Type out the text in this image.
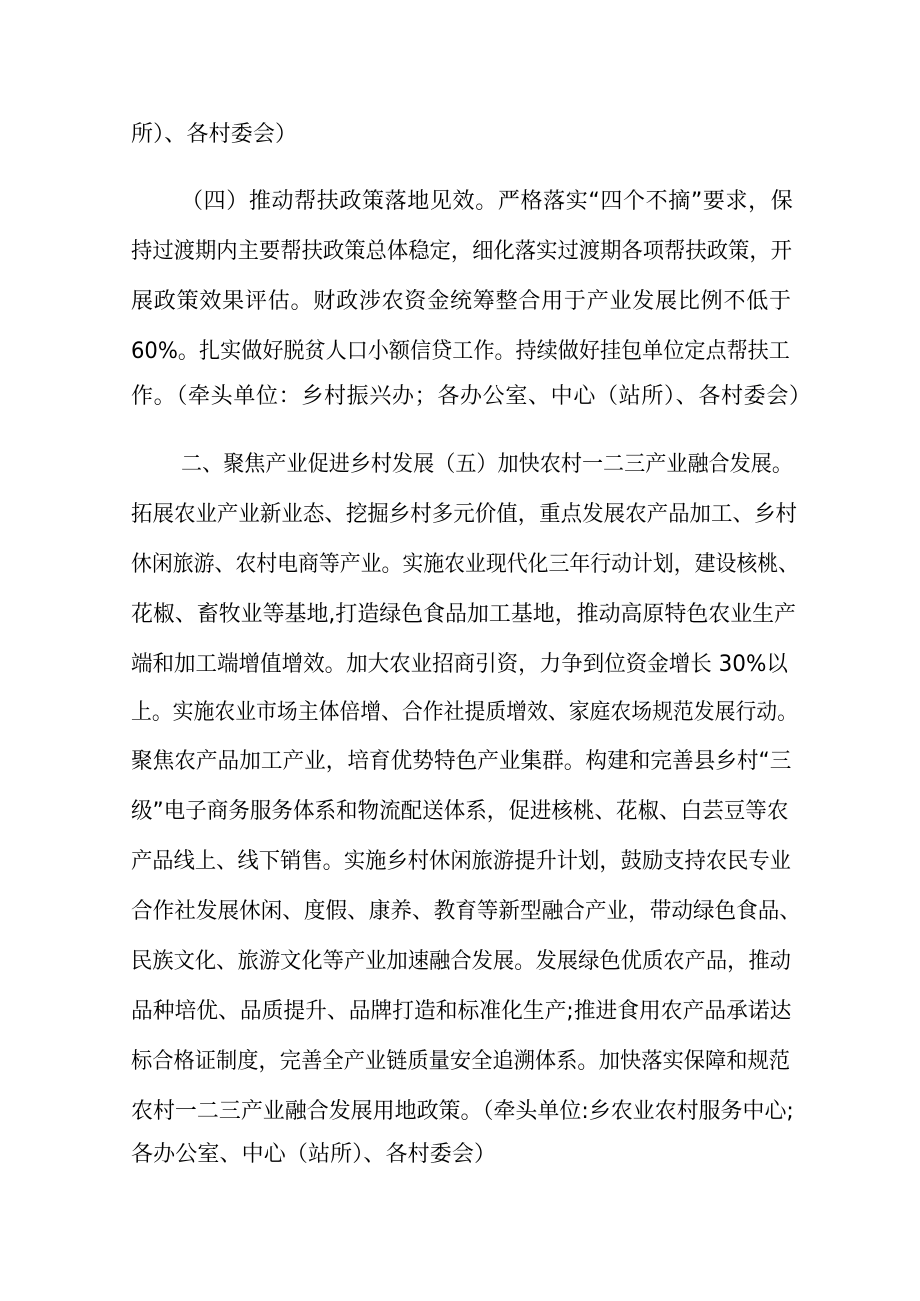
所）、各村委会）
（四）推动帮扶政策落地见效。严格落实“四个不摘”要求，保
持过渡期内主要帮扶政策总体稳定，细化落实过渡期各项帮扶政策，开
展政策效果评估。财政涉农资金统筹整合用于产业发展比例不低于
60%。扎实做好脱贫人口小额信贷工作。持续做好挂包单位定点帮扶工
作。（牵头单位：乡村振兴办；各办公室、中心（站所）、各村委会）
二、聚焦产业促进乡村发展（五）加快农村一二三产业融合发展。
拓展农业产业新业态、挖掘乡村多元价值，重点发展农产品加工、乡村
休闲旅游、农村电商等产业。实施农业现代化三年行动计划，建设核桃、
花椒、畜牧业等基地,打造绿色食品加工基地，推动高原特色农业生产
端和加工端增值增效。加大农业招商引资，力争到位资金增长 30%以
上。实施农业市场主体倍增、合作社提质增效、家庭农场规范发展行动。
聚焦农产品加工产业，培育优势特色产业集群。构建和完善县乡村“三
级”电子商务服务体系和物流配送体系，促进核桃、花椒、白芸豆等农
产品线上、线下销售。实施乡村休闲旅游提升计划，鼓励支持农民专业
合作社发展休闲、度假、康养、教育等新型融合产业，带动绿色食品、
民族文化、旅游文化等产业加速融合发展。发展绿色优质农产品，推动
品种培优、品质提升、品牌打造和标准化生产;推进食用农产品承诺达
标合格证制度，完善全产业链质量安全追溯体系。加快落实保障和规范
农村一二三产业融合发展用地政策。（牵头单位:乡农业农村服务中心;
各办公室、中心（站所）、各村委会）
